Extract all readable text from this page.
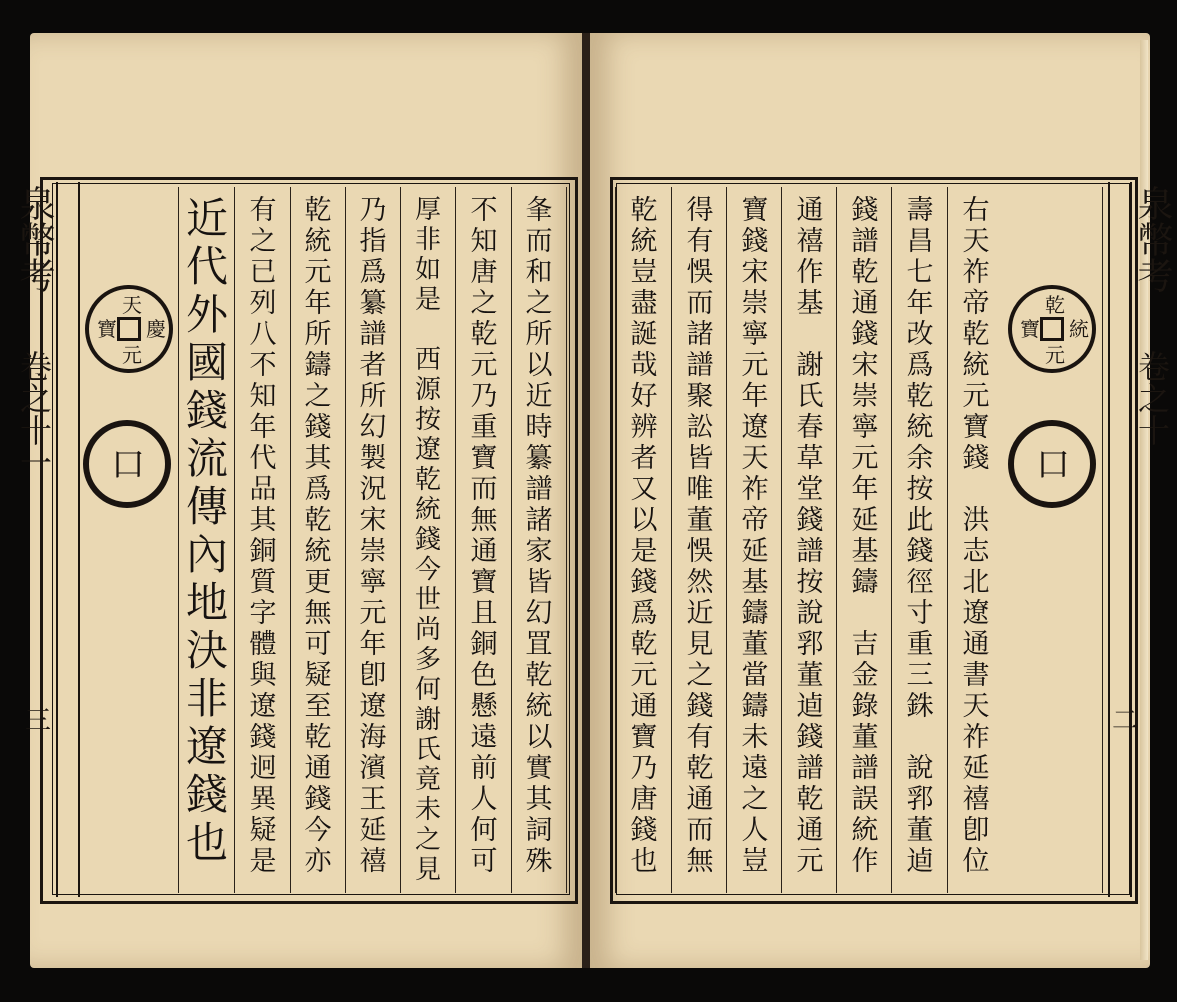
夆
而
和
之
所
以
近
時
纂
譜
諸
家
皆
幻
罝
乾
統
以
實
其
詞
殊
不
知
唐
之
乾
元
乃
重
寶
而
無
通
寶
且
銅
色
懸
遠
前
人
何
可
厚
非
如
是

西
源
按
遼
乾
統
錢
今
世
尚
多
何
謝
氏
竟
未
之
見
乃
指
爲
纂
譜
者
所
幻
製
況
宋
崇
寧
元
年
卽
遼
海
濱
王
延
禧
乾
統
元
年
所
鑄
之
錢
其
爲
乾
統
更
無
可
疑
至
乾
通
錢
今
亦
有
之
已
列
八
不
知
年
代
品
其
銅
質
字
體
與
遼
錢
迥
異
疑
是
近
代
外
國
錢
流
傳
內
地
決
非
遼
錢
也
右
天
祚
帝
乾
統
元
寶
錢

洪
志
北
遼
通
書
天
祚
延
禧
卽
位
壽
昌
七
年
改
爲
乾
統
余
按
此
錢
徑
寸
重
三
銖

說
郛
董
逌
錢
譜
乾
通
錢
宋
崇
寧
元
年
延
基
鑄

吉
金
錄
董
譜
誤
統
作
通
禧
作
基

謝
氏
春
草
堂
錢
譜
按
說
郛
董
逌
錢
譜
乾
通
元
寶
錢
宋
崇
寧
元
年
遼
天
祚
帝
延
基
鑄
董
當
鑄
未
遠
之
人
豈
得
有
悞
而
諸
譜
聚
訟
皆
唯
董
悞
然
近
見
之
錢
有
乾
通
而
無
乾
統
豈
盡
誕
哉
好
辨
者
又
以
是
錢
爲
乾
元
通
寶
乃
唐
錢
也
泉幣考
卷之十一
三
泉幣考
卷之十
二
天
慶
元
寶
口
乾
統
元
寶
口
